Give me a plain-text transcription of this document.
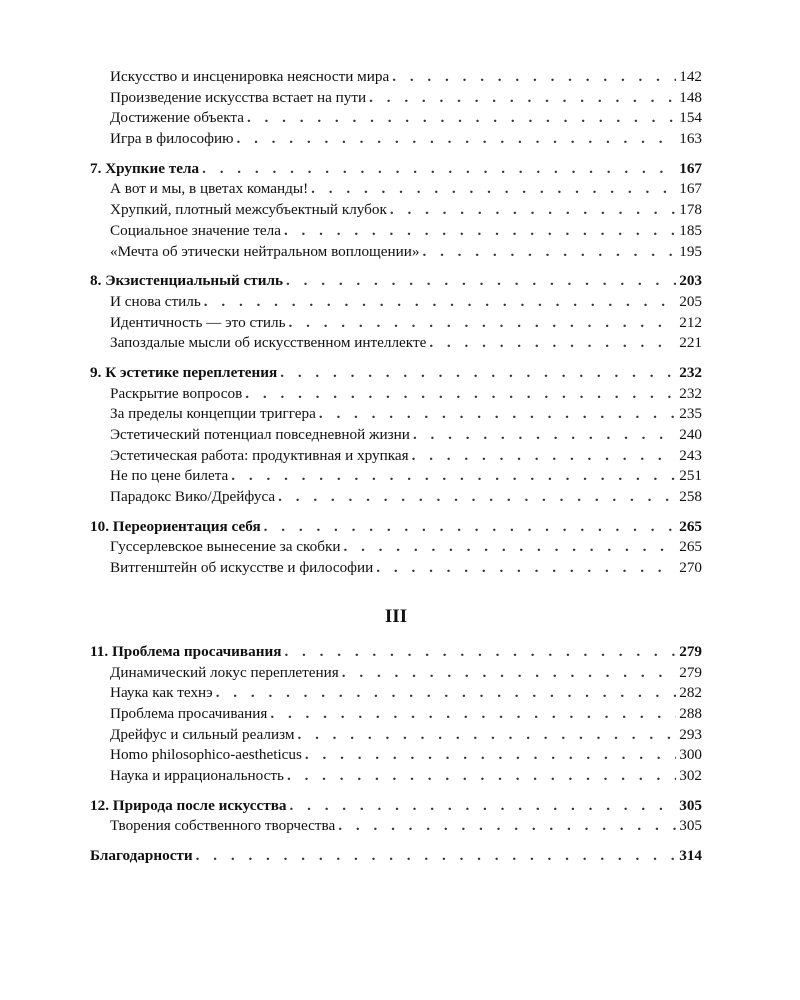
Искусство и инсценировка неясности мира . . .	142
Произведение искусства встает на пути . . .	148
Достижение объекта . . .	154
Игра в философию . . .	163
7. Хрупкие тела . . .	167
А вот и мы, в цветах команды! . . .	167
Хрупкий, плотный межсубъектный клубок . . .	178
Социальное значение тела . . .	185
«Мечта об этически нейтральном воплощении» . . .	195
8. Экзистенциальный стиль . . .	203
И снова стиль . . .	205
Идентичность — это стиль . . .	212
Запоздалые мысли об искусственном интеллекте . . .	221
9. К эстетике переплетения . . .	232
Раскрытие вопросов . . .	232
За пределы концепции триггера . . .	235
Эстетический потенциал повседневной жизни . . .	240
Эстетическая работа: продуктивная и хрупкая . . .	243
Не по цене билета . . .	251
Парадокс Вико/Дрейфуса . . .	258
10. Переориентация себя . . .	265
Гуссерлевское вынесение за скобки . . .	265
Витгенштейн об искусстве и философии . . .	270
III
11. Проблема просачивания . . .	279
Динамический локус переплетения . . .	279
Наука как технэ . . .	282
Проблема просачивания . . .	288
Дрейфус и сильный реализм . . .	293
Homo philosophico-aestheticus . . .	300
Наука и иррациональность . . .	302
12. Природа после искусства . . .	305
Творения собственного творчества . . .	305
Благодарности . . .	314
